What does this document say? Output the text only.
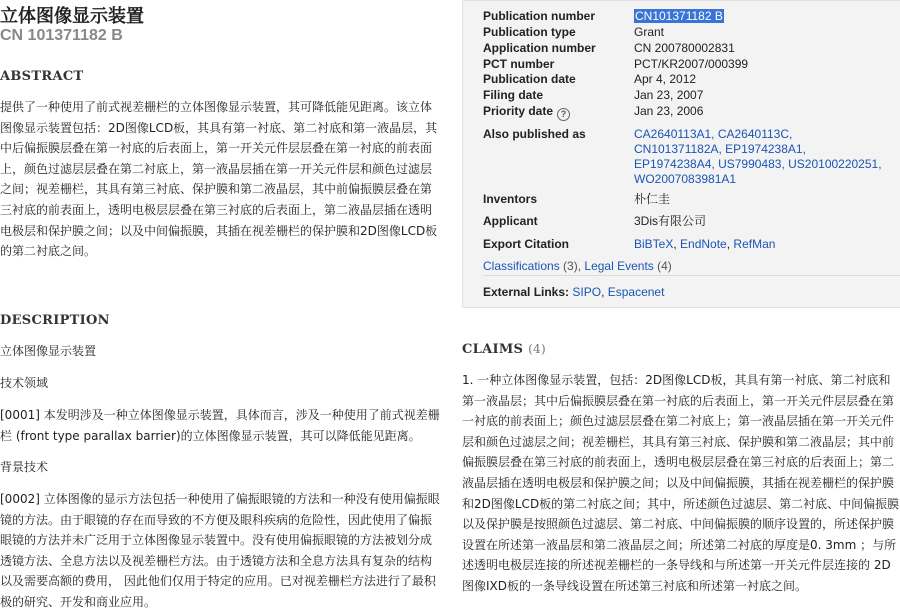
立体图像显示装置
CN 101371182 B
ABSTRACT
提供了一种使用了前式视差栅栏的立体图像显示装置，其可降低能见距离。该立体图像显示装置包括：2D图像LCD板，其具有第一衬底、第二衬底和第一液晶层，其中后偏振膜层叠在第一衬底的后表面上，第一开关元件层层叠在第一衬底的前表面上，颜色过滤层层叠在第二衬底上，第一液晶层插在第一开关元件层和颜色过滤层之间；视差栅栏，其具有第三衬底、保护膜和第二液晶层，其中前偏振膜层叠在第三衬底的前表面上，透明电极层层叠在第三衬底的后表面上，第二液晶层插在透明电极层和保护膜之间；以及中间偏振膜，其插在视差栅栏的保护膜和2D图像LCD板的第二衬底之间。
DESCRIPTION
立体图像显示装置
技术领域
[0001] 本发明涉及一种立体图像显示装置，具体而言，涉及一种使用了前式视差栅栏 (front type parallax barrier)的立体图像显示装置，其可以降低能见距离。
背景技术
[0002] 立体图像的显示方法包括一种使用了偏振眼镜的方法和一种没有使用偏振眼镜的方法。由于眼镜的存在而导致的不方便及眼科疾病的危险性，因此使用了偏振眼镜的方法并未广泛用于立体图像显示装置中。没有使用偏振眼镜的方法被划分成透镜方法、全息方法以及视差栅栏方法。由于透镜方法和全息方法具有复杂的结构以及需要高额的费用， 因此他们仅用于特定的应用。已对视差栅栏方法进行了最积极的研究、开发和商业应用。
Publication number	CN101371182 B
Publication type	Grant
Application number	CN 200780002831
PCT number	PCT/KR2007/000399
Publication date	Apr 4, 2012
Filing date	Jan 23, 2007
Priority date ?	Jan 23, 2006
Also published as	CA2640113A1, CA2640113C,
CN101371182A, EP1974238A1,
EP1974238A4, US7990483, US20100220251,
WO2007083981A1
Inventors	朴仁圭
Applicant	3Dis有限公司
Export Citation	BiBTeX, EndNote, RefMan
Classifications (3), Legal Events (4)
External Links: SIPO, Espacenet
CLAIMS (4)
1. 一种立体图像显示装置，包括：2D图像LCD板，其具有第一衬底、第二衬底和第一液晶层；其中后偏振膜层叠在第一衬底的后表面上，第一开关元件层层叠在第一衬底的前表面上；颜色过滤层层叠在第二衬底上；第一液晶层插在第一开关元件层和颜色过滤层之间；视差栅栏，其具有第三衬底、保护膜和第二液晶层；其中前偏振膜层叠在第三衬底的前表面上，透明电极层层叠在第三衬底的后表面上；第二液晶层插在透明电极层和保护膜之间；以及中间偏振膜，其插在视差栅栏的保护膜和2D图像LCD板的第二衬底之间；其中，所述颜色过滤层、第二衬底、中间偏振膜以及保护膜是按照颜色过滤层、第二衬底、中间偏振膜的顺序设置的，所述保护膜设置在所述第一液晶层和第二液晶层之间；所述第二衬底的厚度是0. 3mm ；与所述透明电极层连接的所述视差栅栏的一条导线和与所述第一开关元件层连接的 2D图像IXD板的一条导线设置在所述第三衬底和所述第一衬底之间。
